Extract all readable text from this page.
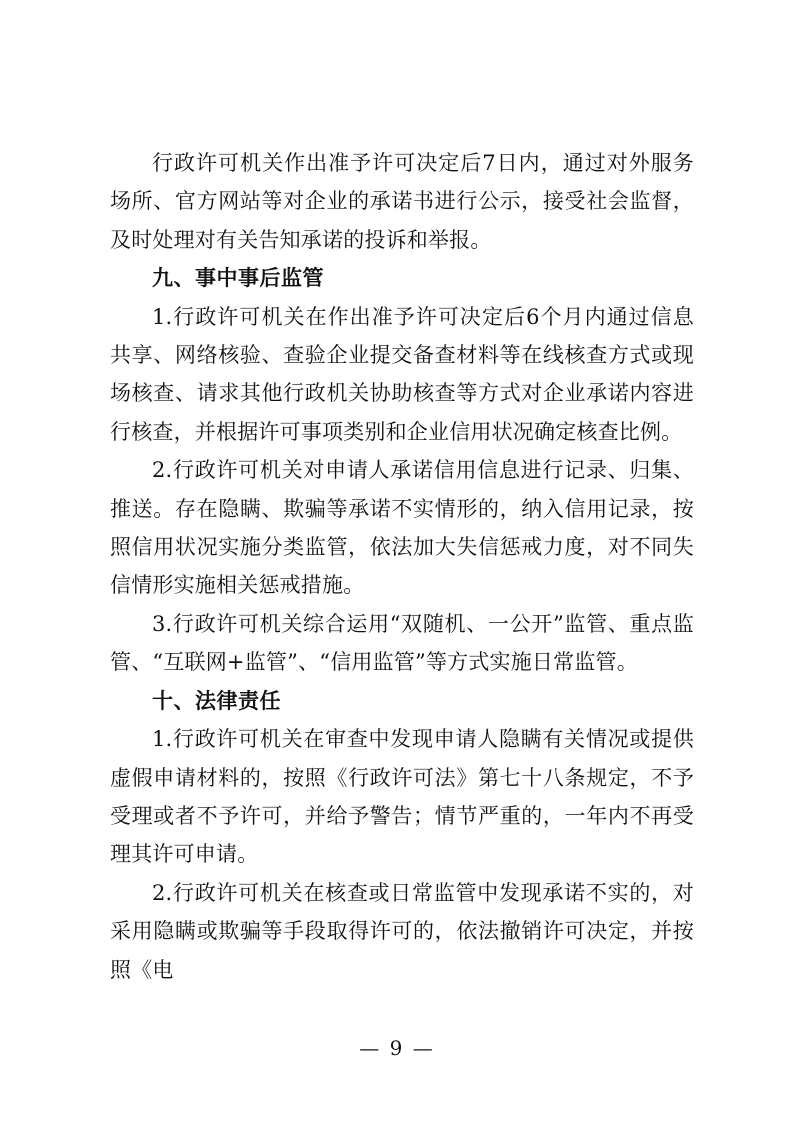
行政许可机关作出准予许可决定后7日内，通过对外服务场所、官方网站等对企业的承诺书进行公示，接受社会监督，及时处理对有关告知承诺的投诉和举报。

九、事中事后监管

1.行政许可机关在作出准予许可决定后6个月内通过信息共享、网络核验、查验企业提交备查材料等在线核查方式或现场核查、请求其他行政机关协助核查等方式对企业承诺内容进行核查，并根据许可事项类别和企业信用状况确定核查比例。

2.行政许可机关对申请人承诺信用信息进行记录、归集、推送。存在隐瞒、欺骗等承诺不实情形的，纳入信用记录，按照信用状况实施分类监管，依法加大失信惩戒力度，对不同失信情形实施相关惩戒措施。

3.行政许可机关综合运用“双随机、一公开”监管、重点监管、“互联网+监管”、“信用监管”等方式实施日常监管。

十、法律责任

1.行政许可机关在审查中发现申请人隐瞒有关情况或提供虚假申请材料的，按照《行政许可法》第七十八条规定，不予受理或者不予许可，并给予警告；情节严重的，一年内不再受理其许可申请。

2.行政许可机关在核查或日常监管中发现承诺不实的，对采用隐瞒或欺骗等手段取得许可的，依法撤销许可决定，并按照《电

— 9 —
